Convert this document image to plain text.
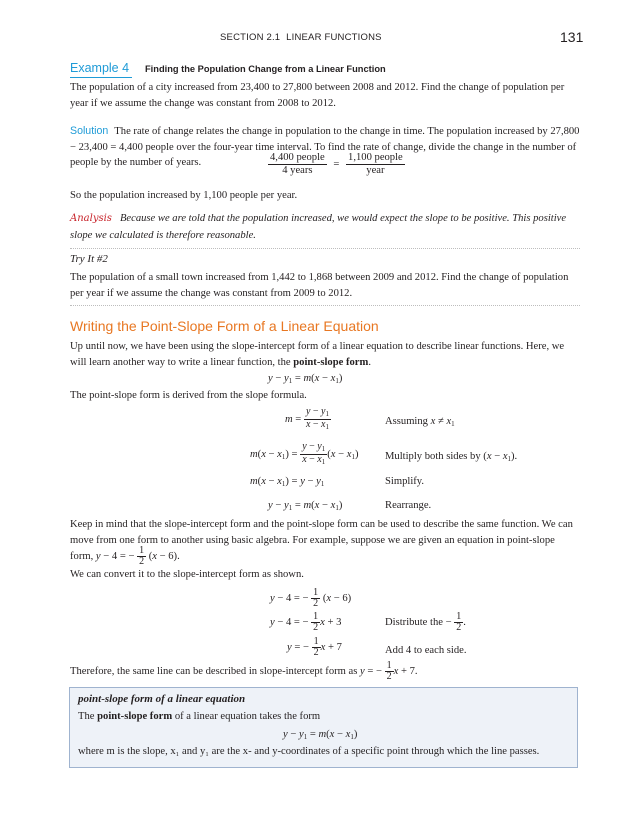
SECTION 2.1 LINEAR FUNCTIONS	131
Example 4 Finding the Population Change from a Linear Function
The population of a city increased from 23,400 to 27,800 between 2008 and 2012. Find the change of population per year if we assume the change was constant from 2008 to 2012.
Solution The rate of change relates the change in population to the change in time. The population increased by 27,800 − 23,400 = 4,400 people over the four-year time interval. To find the rate of change, divide the change in the number of people by the number of years.	$\frac{\text{4,400 people}}{\text{4 years}} = \frac{\text{1,100 people}}{\text{year}}$
So the population increased by 1,100 people per year.
Analysis Because we are told that the population increased, we would expect the slope to be positive. This positive slope we calculated is therefore reasonable.
Try It #2
The population of a small town increased from 1,442 to 1,868 between 2009 and 2012. Find the change of population per year if we assume the change was constant from 2009 to 2012.
Writing the Point-Slope Form of a Linear Equation
Up until now, we have been using the slope-intercept form of a linear equation to describe linear functions. Here, we will learn another way to write a linear function, the point-slope form.
$y - y_1 = m(x - x_1)$
The point-slope form is derived from the slope formula.
$m = \frac{y - y_1}{x - x_1}$	Assuming $x \ne x_1$
$m(x - x_1) = \frac{y - y_1}{x - x_1} (x - x_1)$	Multiply both sides by $(x - x_1)$.
$m(x - x_1) = y - y_1$	Simplify.
$y - y_1 = m(x - x_1)$	Rearrange.
Keep in mind that the slope-intercept form and the point-slope form can be used to describe the same function. We can move from one form to another using basic algebra. For example, suppose we are given an equation in point-slope
form, y − 4 = − $\frac{1}{2} (x - 6)$.
We can convert it to the slope-intercept form as shown.
y − 4 = − $\frac{1}{2} (x - 6)$
y − 4 = − $\frac{1}{2}$ x + 3	Distribute the − $\frac{1}{2}$ .
y = − $\frac{1}{2}$ x + 7	Add 4 to each side.
Therefore, the same line can be described in slope-intercept form as y = − $\frac{1}{2}$ x + 7.
point-slope form of a linear equation
The point-slope form of a linear equation takes the form
$y - y_1 = m(x - x_1)$
where m is the slope, x₁ and y₁ are the x- and y-coordinates of a specific point through which the line passes.
